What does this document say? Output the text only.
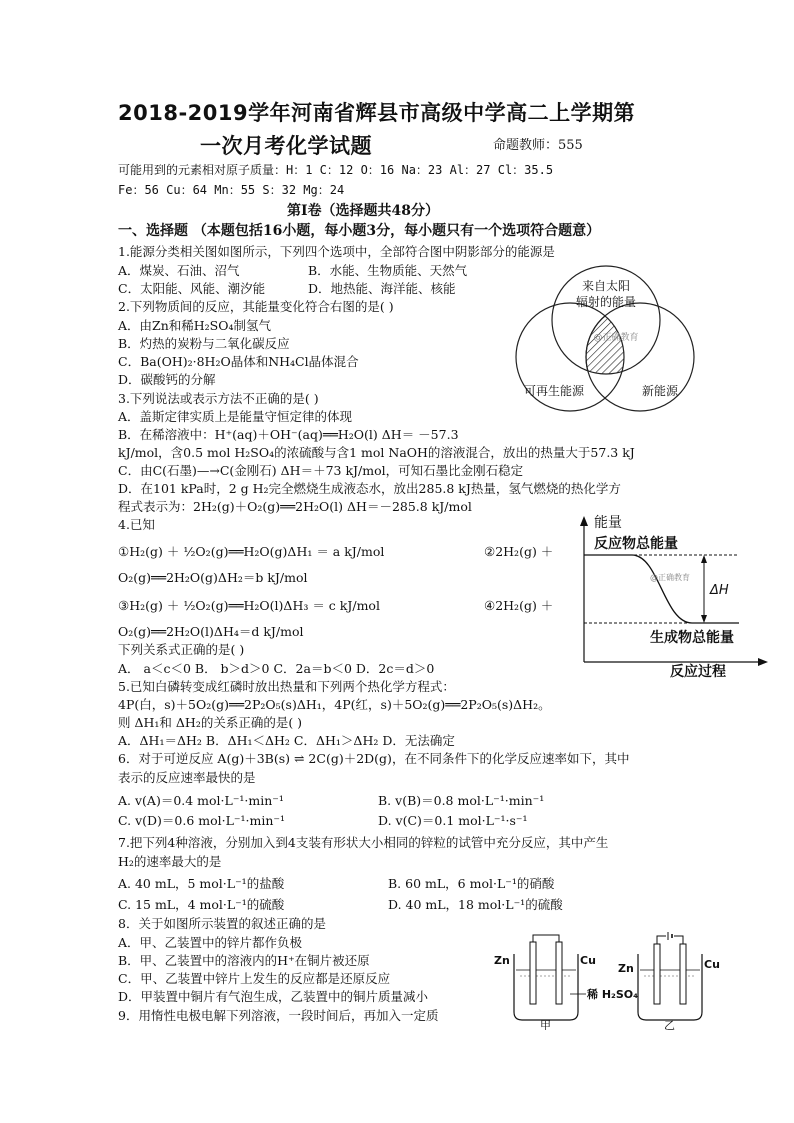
2018-2019学年河南省辉县市高级中学高二上学期第
一次月考化学试题	命题教师：555
可能用到的元素相对原子质量：H：1 C：12 O：16 Na：23 Al：27 Cl：35.5
Fe：56 Cu：64 Mn：55 S：32 Mg：24
第Ⅰ卷（选择题共48分）
一、选择题 （本题包括16小题，每小题3分，每小题只有一个选项符合题意）
1.能源分类相关图如图所示，下列四个选项中，全部符合图中阴影部分的能源是
A．煤炭、石油、沼气	B．水能、生物质能、天然气
C．太阳能、风能、潮汐能	D．地热能、海洋能、核能
2.下列物质间的反应，其能量变化符合右图的是( )
A．由Zn和稀H₂SO₄制氢气
B．灼热的炭粉与二氧化碳反应
C．Ba(OH)₂·8H₂O晶体和NH₄Cl晶体混合
D．碳酸钙的分解
来自太阳
辐射的能量
@正确教育
可再生能源	新能源
3.下列说法或表示方法不正确的是( )
A．盖斯定律实质上是能量守恒定律的体现
B．在稀溶液中：H⁺(aq)＋OH⁻(aq)══H₂O(l) ΔH＝ －57.3
kJ/mol，含0.5 mol H₂SO₄的浓硫酸与含1 mol NaOH的溶液混合，放出的热量大于57.3 kJ
C．由C(石墨)—→C(金刚石) ΔH＝＋73 kJ/mol，可知石墨比金刚石稳定
D．在101 kPa时，2 g H₂完全燃烧生成液态水，放出285.8 kJ热量，氢气燃烧的热化学方
程式表示为：2H₂(g)＋O₂(g)══2H₂O(l) ΔH＝－285.8 kJ/mol
4.已知
①H₂(g) ＋ ½O₂(g)══H₂O(g)ΔH₁ ＝ a kJ/mol	②2H₂(g) ＋
O₂(g)══2H₂O(g)ΔH₂＝b kJ/mol
③H₂(g) ＋ ½O₂(g)══H₂O(l)ΔH₃ ＝ c kJ/mol	④2H₂(g) ＋
O₂(g)══2H₂O(l)ΔH₄＝d kJ/mol
下列关系式正确的是( )
A． a＜c＜0 B． b＞d＞0 C．2a＝b＜0 D．2c＝d＞0
能量
反应物总能量
@正确教育
ΔH
生成物总能量
反应过程
5.已知白磷转变成红磷时放出热量和下列两个热化学方程式：
4P(白，s)＋5O₂(g)══2P₂O₅(s)ΔH₁，4P(红，s)＋5O₂(g)══2P₂O₅(s)ΔH₂。
则 ΔH₁和 ΔH₂的关系正确的是( )
A．ΔH₁＝ΔH₂ B．ΔH₁＜ΔH₂ C．ΔH₁＞ΔH₂ D．无法确定
6．对于可逆反应 A(g)＋3B(s) ⇌ 2C(g)＋2D(g)，在不同条件下的化学反应速率如下，其中
表示的反应速率最快的是
A. v(A)＝0.4 mol·L⁻¹·min⁻¹	B. v(B)＝0.8 mol·L⁻¹·min⁻¹
C. v(D)＝0.6 mol·L⁻¹·min⁻¹	D. v(C)＝0.1 mol·L⁻¹·s⁻¹
7.把下列4种溶液，分别加入到4支装有形状大小相同的锌粒的试管中充分反应，其中产生
H₂的速率最大的是
A. 40 mL，5 mol·L⁻¹的盐酸	B. 60 mL，6 mol·L⁻¹的硝酸
C. 15 mL，4 mol·L⁻¹的硫酸	D. 40 mL，18 mol·L⁻¹的硫酸
8．关于如图所示装置的叙述正确的是
A．甲、乙装置中的锌片都作负极
B．甲、乙装置中的溶液内的H⁺在铜片被还原
C．甲、乙装置中锌片上发生的反应都是还原反应
D．甲装置中铜片有气泡生成，乙装置中的铜片质量减小
9．用惰性电极电解下列溶液，一段时间后，再加入一定质
Zn	Cu
稀 H₂SO₄
Zn	Cu
甲	乙
